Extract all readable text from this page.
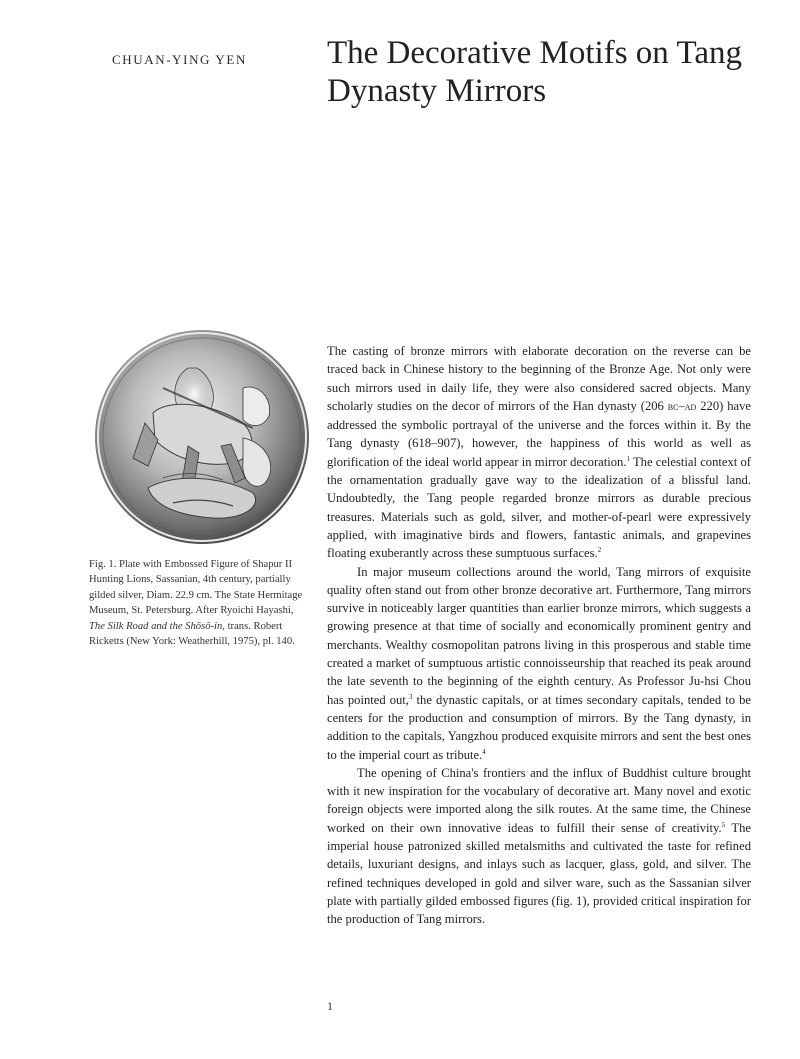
CHUAN-YING YEN The Decorative Motifs on Tang Dynasty Mirrors
Fig. 1. Plate with Embossed Figure of Shapur II Hunting Lions, Sassanian, 4th century, partially gilded silver, Diam. 22.9 cm. The State Hermitage Museum, St. Petersburg. After Ryoichi Hayashi, The Silk Road and the Shōsō-in, trans. Robert Ricketts (New York: Weatherhill, 1975), pl. 140.

The casting of bronze mirrors with elaborate decoration on the reverse can be traced back in Chinese history to the beginning of the Bronze Age. Not only were such mirrors used in daily life, they were also considered sacred objects. Many scholarly studies on the decor of mirrors of the Han dynasty (206 bc–ad 220) have addressed the symbolic portrayal of the universe and the forces within it. By the Tang dynasty (618–907), however, the happiness of this world as well as glorification of the ideal world appear in mirror decoration.$^1$ The celestial context of the ornamentation gradually gave way to the idealization of a blissful land. Undoubtedly, the Tang people regarded bronze mirrors as durable precious treasures. Materials such as gold, silver, and mother-of-pearl were expressively applied, with imaginative birds and flowers, fantastic animals, and grapevines floating exuberantly across these sumptuous surfaces.$^2$

In major museum collections around the world, Tang mirrors of exquisite quality often stand out from other bronze decorative art. Furthermore, Tang mirrors survive in noticeably larger quantities than earlier bronze mirrors, which suggests a growing presence at that time of socially and economically prominent gentry and merchants. Wealthy cosmopolitan patrons living in this prosperous and stable time created a market of sumptuous artistic connoisseurship that reached its peak around the late seventh to the beginning of the eighth century. As Professor Ju-hsi Chou has pointed out,$^3$ the dynastic capitals, or at times secondary capitals, tended to be centers for the production and consumption of mirrors. By the Tang dynasty, in addition to the capitals, Yangzhou produced exquisite mirrors and sent the best ones to the imperial court as tribute.$^4$

The opening of China's frontiers and the influx of Buddhist culture brought with it new inspiration for the vocabulary of decorative art. Many novel and exotic foreign objects were imported along the silk routes. At the same time, the Chinese worked on their own innovative ideas to fulfill their sense of creativity.$^5$ The imperial house patronized skilled metalsmiths and cultivated the taste for refined details, luxuriant designs, and inlays such as lacquer, glass, gold, and silver. The refined techniques developed in gold and silver ware, such as the Sassanian silver plate with partially gilded embossed figures (fig. 1), provided critical inspiration for the production of Tang mirrors.

1
